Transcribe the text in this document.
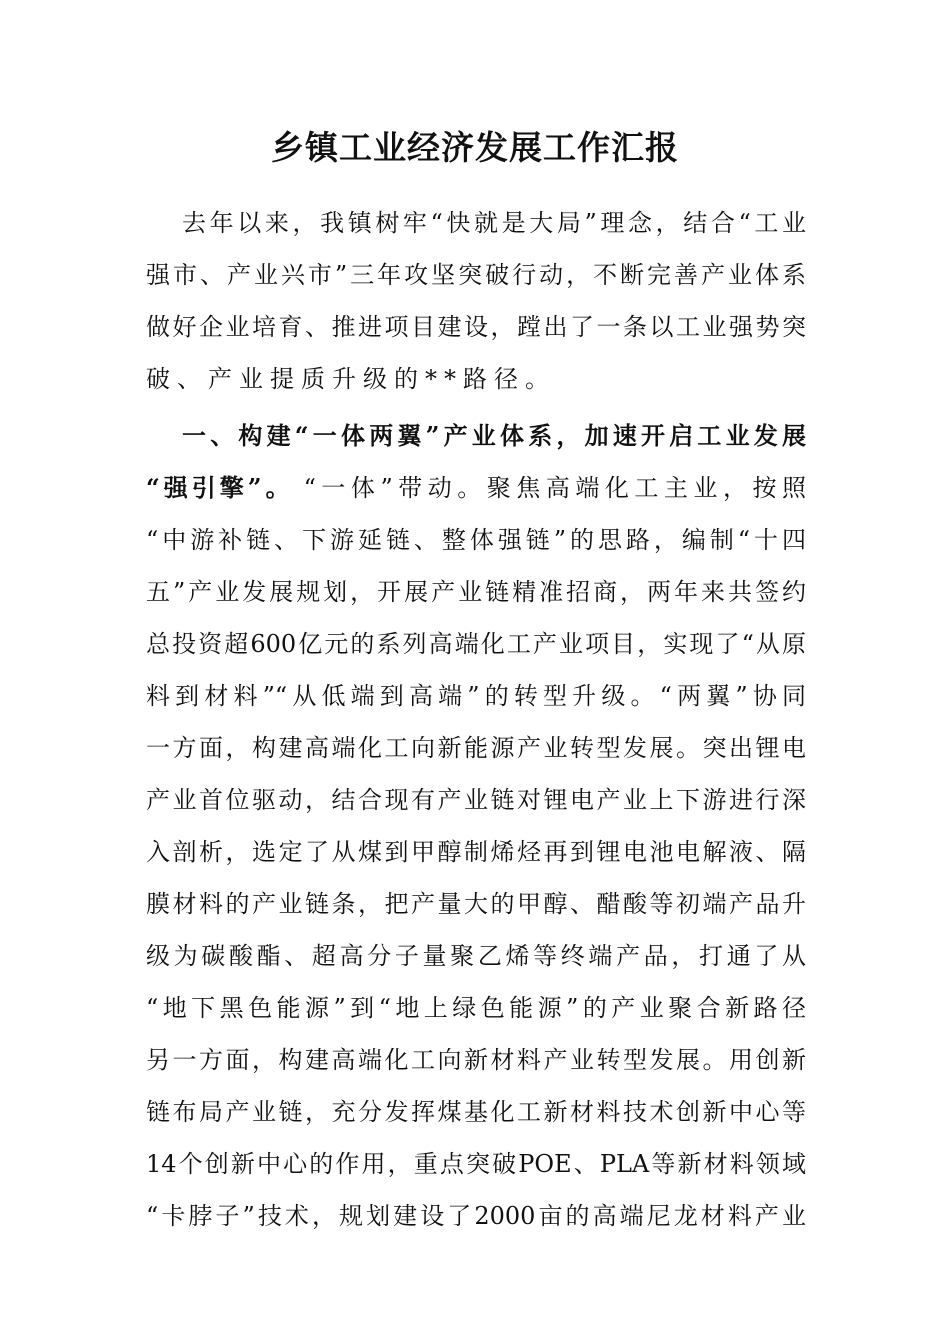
乡镇工业经济发展工作汇报
去年以来，我镇树牢“快就是大局”理念，结合“工业
强市、产业兴市”三年攻坚突破行动，不断完善产业体系
做好企业培育、推进项目建设，蹚出了一条以工业强势突
破、产业提质升级的**路径。
一、构建“一体两翼”产业体系，加速开启工业发展
“强引擎”。 “一体”带动。聚焦高端化工主业，按照
“中游补链、下游延链、整体强链”的思路，编制“十四
五”产业发展规划，开展产业链精准招商，两年来共签约
总投资超600亿元的系列高端化工产业项目，实现了“从原
料到材料”“从低端到高端”的转型升级。“两翼”协同
一方面，构建高端化工向新能源产业转型发展。突出锂电
产业首位驱动，结合现有产业链对锂电产业上下游进行深
入剖析，选定了从煤到甲醇制烯烃再到锂电池电解液、隔
膜材料的产业链条，把产量大的甲醇、醋酸等初端产品升
级为碳酸酯、超高分子量聚乙烯等终端产品，打通了从
“地下黑色能源”到“地上绿色能源”的产业聚合新路径
另一方面，构建高端化工向新材料产业转型发展。用创新
链布局产业链，充分发挥煤基化工新材料技术创新中心等
14个创新中心的作用，重点突破POE、PLA等新材料领域
“卡脖子”技术，规划建设了2000亩的高端尼龙材料产业
